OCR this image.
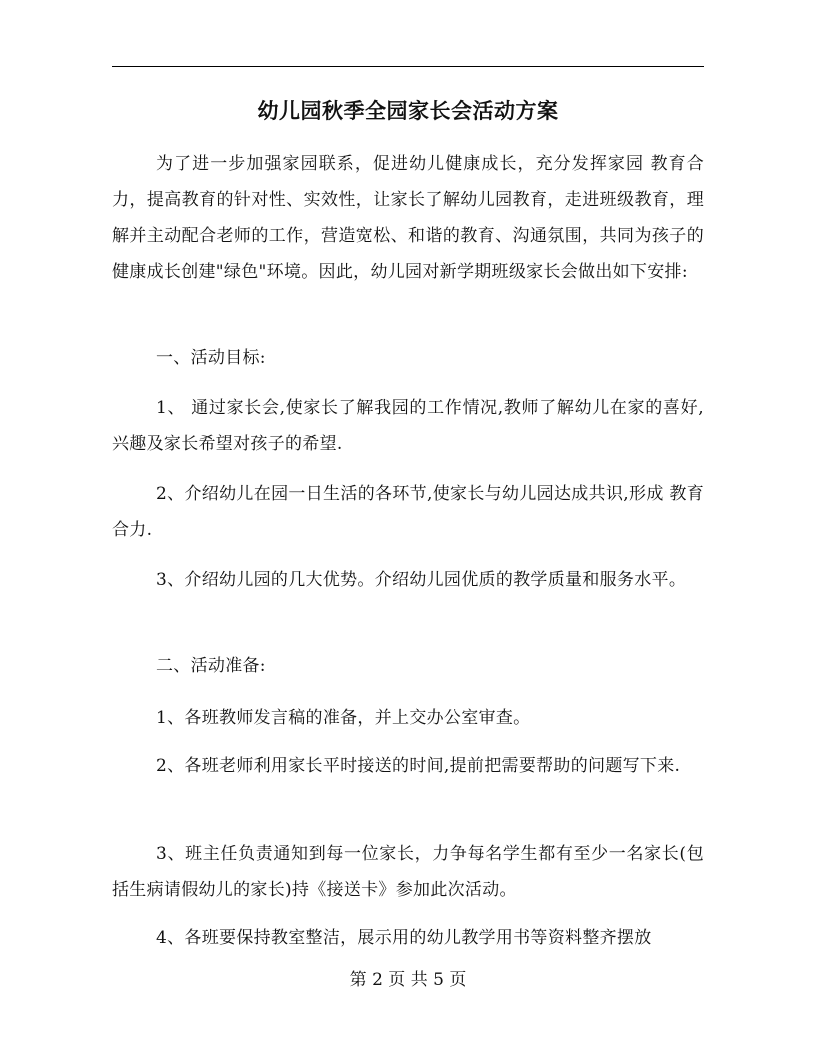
幼儿园秋季全园家长会活动方案

为了进一步加强家园联系，促进幼儿健康成长，充分发挥家园 教育合力，提高教育的针对性、实效性，让家长了解幼儿园教育，走进班级教育，理解并主动配合老师的工作，营造宽松、和谐的教育、沟通氛围，共同为孩子的健康成长创建"绿色"环境。因此，幼儿园对新学期班级家长会做出如下安排:

一、活动目标:

1、 通过家长会,使家长了解我园的工作情况,教师了解幼儿在家的喜好,兴趣及家长希望对孩子的希望.

2、介绍幼儿在园一日生活的各环节,使家长与幼儿园达成共识,形成 教育合力.

3、介绍幼儿园的几大优势。介绍幼儿园优质的教学质量和服务水平。

二、活动准备:

1、各班教师发言稿的准备，并上交办公室审查。

2、各班老师利用家长平时接送的时间,提前把需要帮助的问题写下来.

3、班主任负责通知到每一位家长，力争每名学生都有至少一名家长(包括生病请假幼儿的家长)持《接送卡》参加此次活动。

4、各班要保持教室整洁，展示用的幼儿教学用书等资料整齐摆放

第 2 页 共 5 页
